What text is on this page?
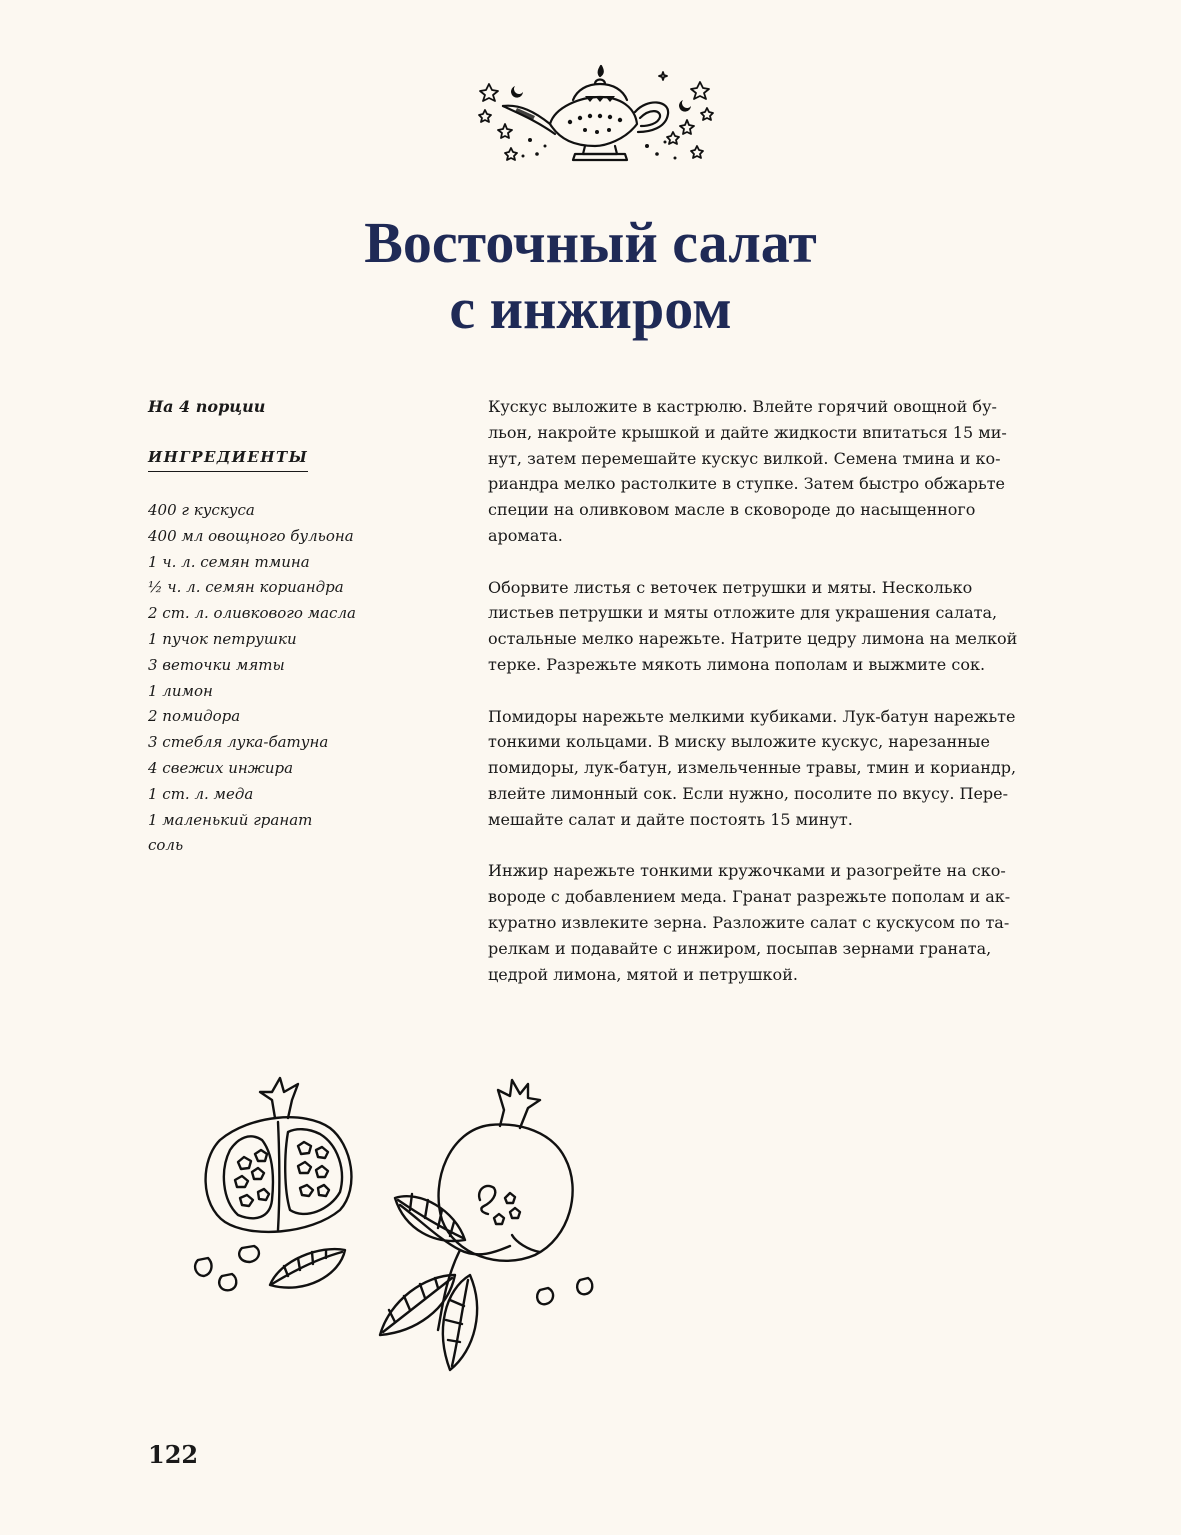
Восточный салат
с инжиром

На 4 порции

ИНГРЕДИЕНТЫ
400 г кускуса
400 мл овощного бульона
1 ч. л. семян тмина
½ ч. л. семян кориандра
2 ст. л. оливкового масла
1 пучок петрушки
3 веточки мяты
1 лимон
2 помидора
3 стебля лука-батуна
4 свежих инжира
1 ст. л. меда
1 маленький гранат
соль

Кускус выложите в кастрюлю. Влейте горячий овощной бу-
льон, накройте крышкой и дайте жидкости впитаться 15 ми-
нут, затем перемешайте кускус вилкой. Семена тмина и ко-
риандра мелко растолките в ступке. Затем быстро обжарьте
специи на оливковом масле в сковороде до насыщенного
аромата.

Оборвите листья с веточек петрушки и мяты. Несколько
листьев петрушки и мяты отложите для украшения салата,
остальные мелко нарежьте. Натрите цедру лимона на мелкой
терке. Разрежьте мякоть лимона пополам и выжмите сок.

Помидоры нарежьте мелкими кубиками. Лук-батун нарежьте
тонкими кольцами. В миску выложите кускус, нарезанные
помидоры, лук-батун, измельченные травы, тмин и кориандр,
влейте лимонный сок. Если нужно, посолите по вкусу. Пере-
мешайте салат и дайте постоять 15 минут.

Инжир нарежьте тонкими кружочками и разогрейте на ско-
вороде с добавлением меда. Гранат разрежьте пополам и ак-
куратно извлеките зерна. Разложите салат с кускусом по та-
релкам и подавайте с инжиром, посыпав зернами граната,
цедрой лимона, мятой и петрушкой.

122
